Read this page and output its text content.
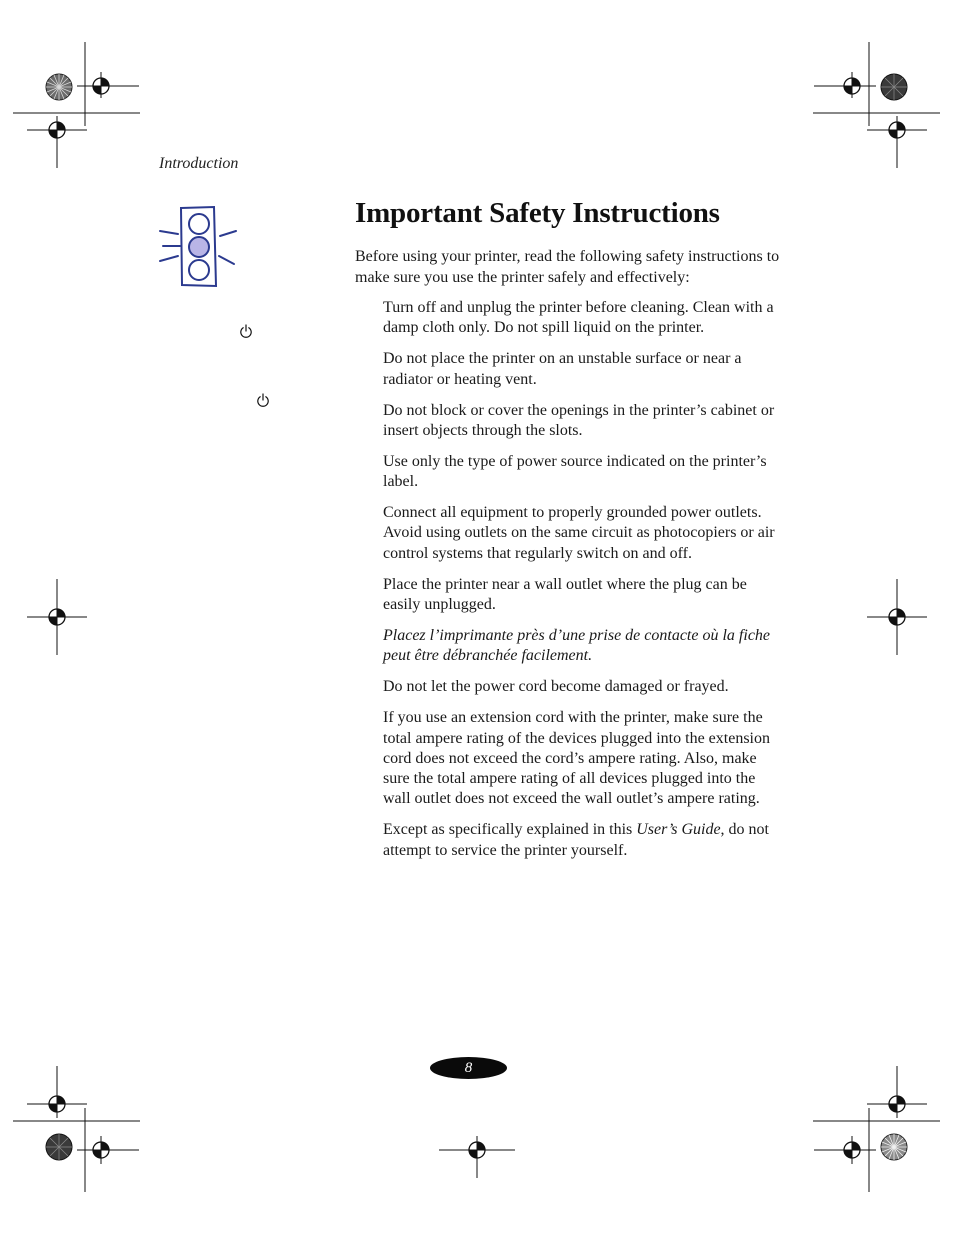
Introduction
Important Safety Instructions

Before using your printer, read the following safety instructions to make sure you use the printer safely and effectively:

Turn off and unplug the printer before cleaning. Clean with a damp cloth only. Do not spill liquid on the printer.
Do not place the printer on an unstable surface or near a radiator or heating vent.
Do not block or cover the openings in the printer’s cabinet or insert objects through the slots.
Use only the type of power source indicated on the printer’s label.
Connect all equipment to properly grounded power outlets. Avoid using outlets on the same circuit as photocopiers or air control systems that regularly switch on and off.
Place the printer near a wall outlet where the plug can be easily unplugged.
Placez l’imprimante près d’une prise de contacte où la fiche peut être débranchée facilement.
Do not let the power cord become damaged or frayed.
If you use an extension cord with the printer, make sure the total ampere rating of the devices plugged into the extension cord does not exceed the cord’s ampere rating. Also, make sure the total ampere rating of all devices plugged into the wall outlet does not exceed the wall outlet’s ampere rating.
Except as specifically explained in this User’s Guide, do not attempt to service the printer yourself.
8
